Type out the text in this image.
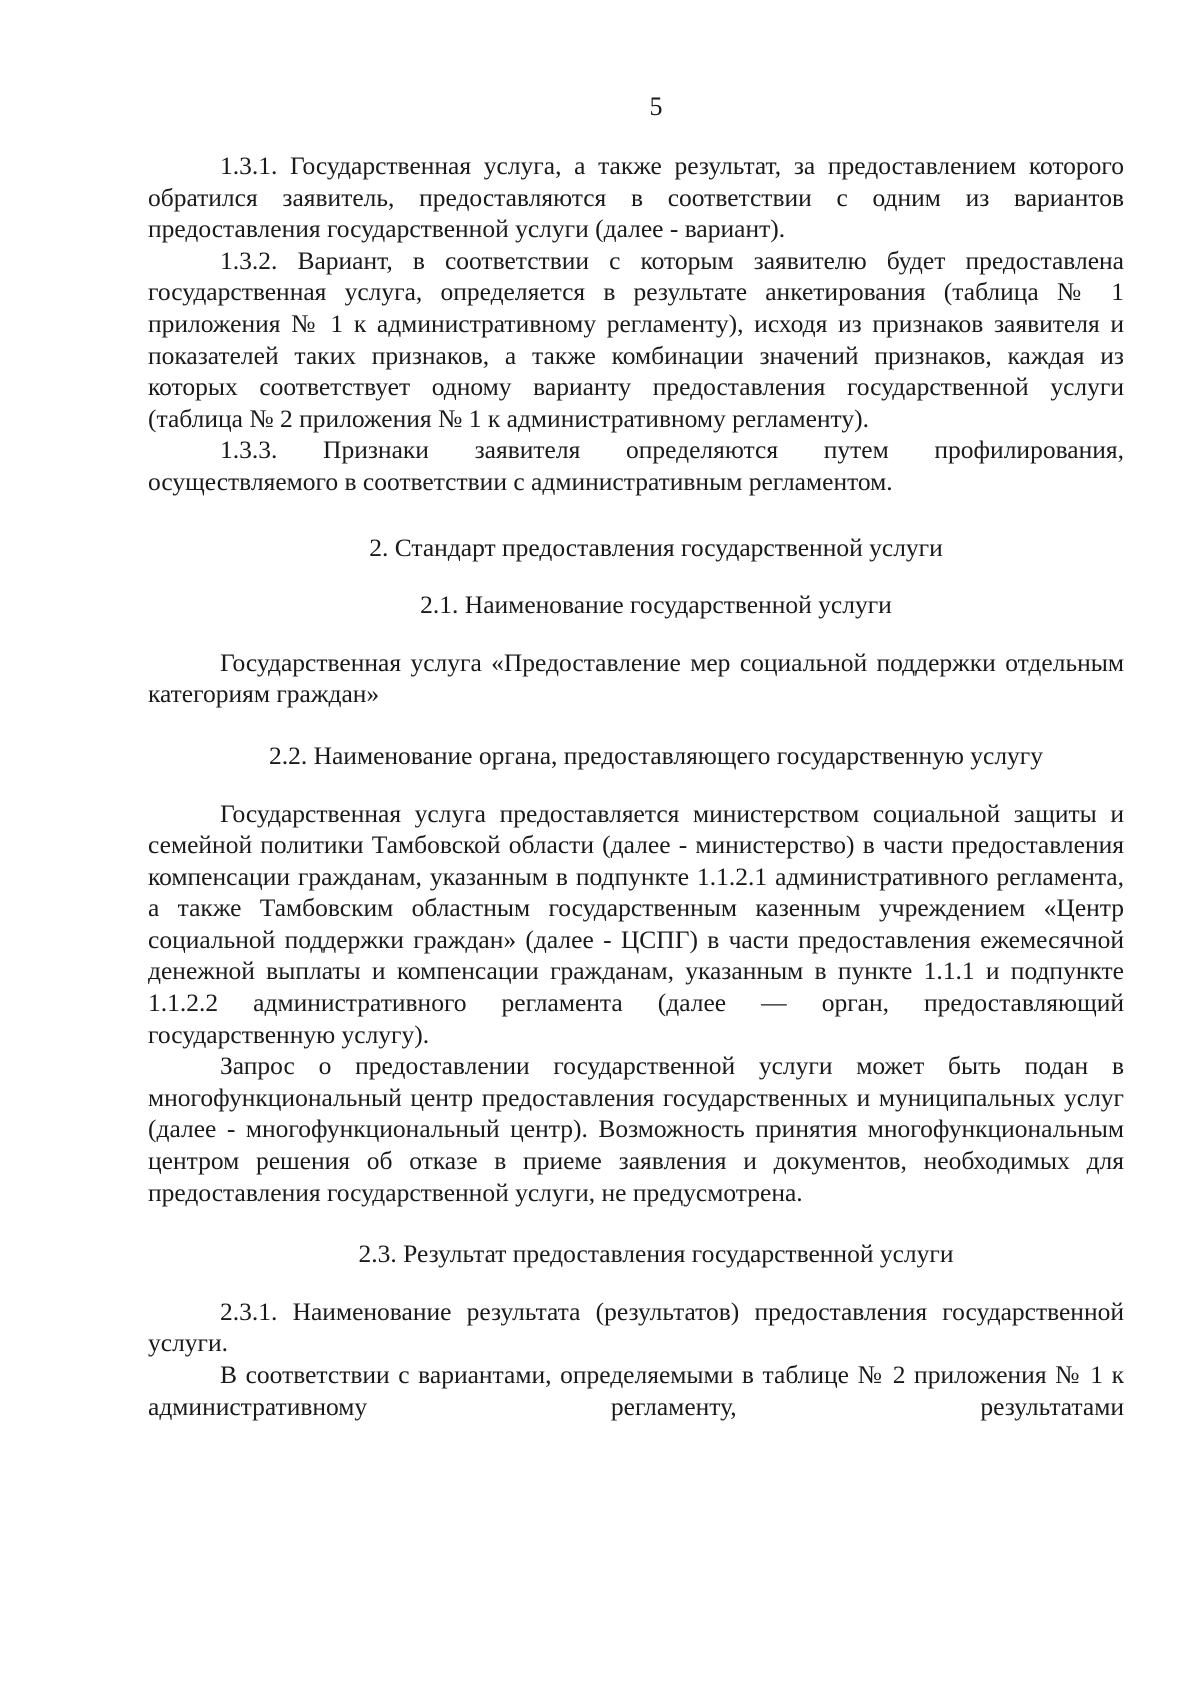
5

1.3.1. Государственная услуга, а также результат, за предоставлением которого обратился заявитель, предоставляются в соответствии с одним из вариантов предоставления государственной услуги (далее - вариант).

1.3.2. Вариант, в соответствии с которым заявителю будет предоставлена государственная услуга, определяется в результате анкетирования (таблица № 1 приложения № 1 к административному регламенту), исходя из признаков заявителя и показателей таких признаков, а также комбинации значений признаков, каждая из которых соответствует одному варианту предоставления государственной услуги (таблица № 2 приложения № 1 к административному регламенту).

1.3.3. Признаки заявителя определяются путем профилирования, осуществляемого в соответствии с административным регламентом.

2. Стандарт предоставления государственной услуги

2.1. Наименование государственной услуги

Государственная услуга «Предоставление мер социальной поддержки отдельным категориям граждан»

2.2. Наименование органа, предоставляющего государственную услугу

Государственная услуга предоставляется министерством социальной защиты и семейной политики Тамбовской области (далее - министерство) в части предоставления компенсации гражданам, указанным в подпункте 1.1.2.1 административного регламента, а также Тамбовским областным государственным казенным учреждением «Центр социальной поддержки граждан» (далее - ЦСПГ) в части предоставления ежемесячной денежной выплаты и компенсации гражданам, указанным в пункте 1.1.1 и подпункте 1.1.2.2 административного регламента (далее — орган, предоставляющий государственную услугу).

Запрос о предоставлении государственной услуги может быть подан в многофункциональный центр предоставления государственных и муниципальных услуг (далее - многофункциональный центр). Возможность принятия многофункциональным центром решения об отказе в приеме заявления и документов, необходимых для предоставления государственной услуги, не предусмотрена.

2.3. Результат предоставления государственной услуги

2.3.1. Наименование результата (результатов) предоставления государственной услуги.

В соответствии с вариантами, определяемыми в таблице № 2 приложения № 1 к административному регламенту, результатами
